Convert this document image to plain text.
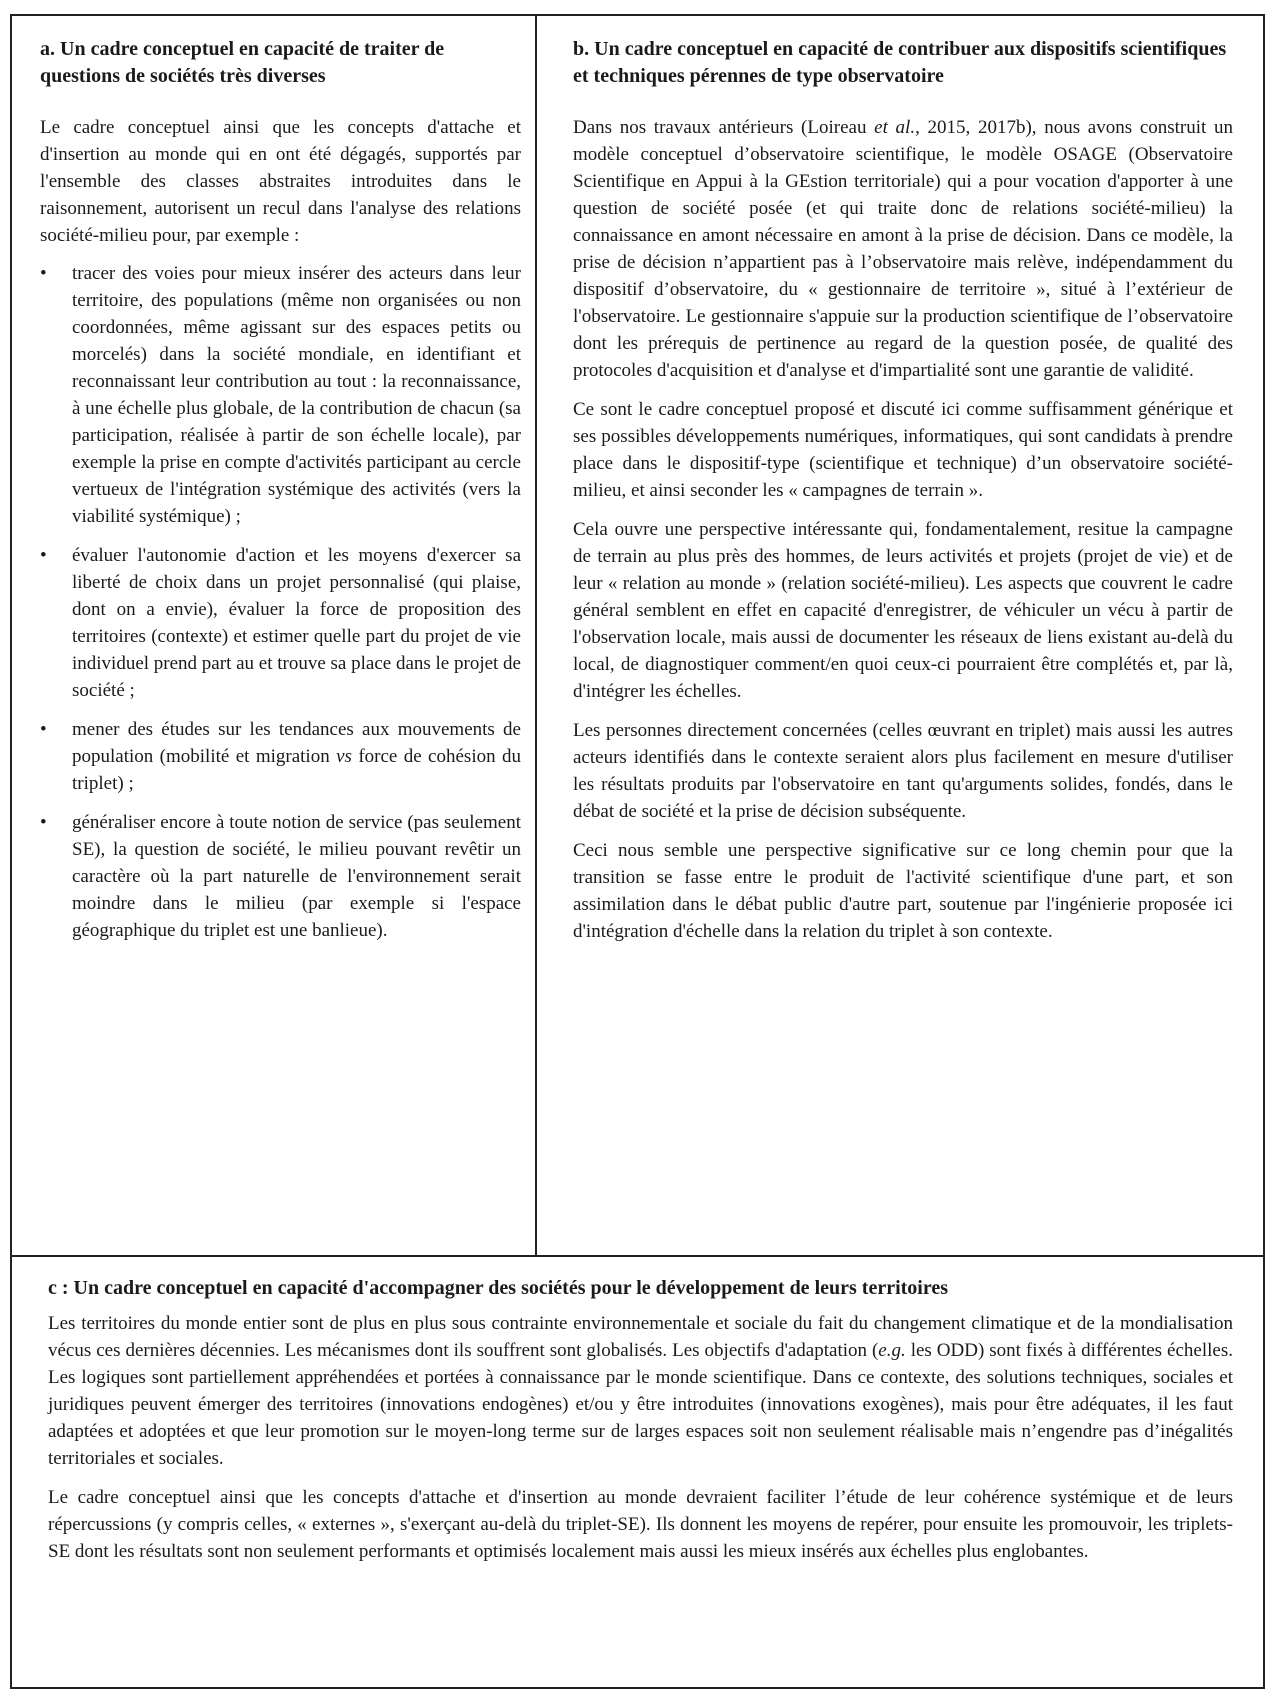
a. Un cadre conceptuel en capacité de traiter de questions de sociétés très diverses

Le cadre conceptuel ainsi que les concepts d'attache et d'insertion au monde qui en ont été dégagés, supportés par l'ensemble des classes abstraites introduites dans le raisonnement, autorisent un recul dans l'analyse des relations société-milieu pour, par exemple :

• tracer des voies pour mieux insérer des acteurs dans leur territoire, des populations (même non organisées ou non coordonnées, même agissant sur des espaces petits ou morcelés) dans la société mondiale, en identifiant et reconnaissant leur contribution au tout : la reconnaissance, à une échelle plus globale, de la contribution de chacun (sa participation, réalisée à partir de son échelle locale), par exemple la prise en compte d'activités participant au cercle vertueux de l'intégration systémique des activités (vers la viabilité systémique) ;
• évaluer l'autonomie d'action et les moyens d'exercer sa liberté de choix dans un projet personnalisé (qui plaise, dont on a envie), évaluer la force de proposition des territoires (contexte) et estimer quelle part du projet de vie individuel prend part au et trouve sa place dans le projet de société ;
• mener des études sur les tendances aux mouvements de population (mobilité et migration vs force de cohésion du triplet) ;
• généraliser encore à toute notion de service (pas seulement SE), la question de société, le milieu pouvant revêtir un caractère où la part naturelle de l'environnement serait moindre dans le milieu (par exemple si l'espace géographique du triplet est une banlieue).
b. Un cadre conceptuel en capacité de contribuer aux dispositifs scientifiques et techniques pérennes de type observatoire

Dans nos travaux antérieurs (Loireau et al., 2015, 2017b), nous avons construit un modèle conceptuel d’observatoire scientifique, le modèle OSAGE (Observatoire Scientifique en Appui à la GEstion territoriale) qui a pour vocation d'apporter à une question de société posée (et qui traite donc de relations société-milieu) la connaissance en amont nécessaire en amont à la prise de décision. Dans ce modèle, la prise de décision n’appartient pas à l’observatoire mais relève, indépendamment du dispositif d’observatoire, du « gestionnaire de territoire », situé à l’extérieur de l'observatoire. Le gestionnaire s'appuie sur la production scientifique de l’observatoire dont les prérequis de pertinence au regard de la question posée, de qualité des protocoles d'acquisition et d'analyse et d'impartialité sont une garantie de validité.

Ce sont le cadre conceptuel proposé et discuté ici comme suffisamment générique et ses possibles développements numériques, informatiques, qui sont candidats à prendre place dans le dispositif-type (scientifique et technique) d’un observatoire société-milieu, et ainsi seconder les « campagnes de terrain ».

Cela ouvre une perspective intéressante qui, fondamentalement, resitue la campagne de terrain au plus près des hommes, de leurs activités et projets (projet de vie) et de leur « relation au monde » (relation société-milieu). Les aspects que couvrent le cadre général semblent en effet en capacité d'enregistrer, de véhiculer un vécu à partir de l'observation locale, mais aussi de documenter les réseaux de liens existant au-delà du local, de diagnostiquer comment/en quoi ceux-ci pourraient être complétés et, par là, d'intégrer les échelles.

Les personnes directement concernées (celles œuvrant en triplet) mais aussi les autres acteurs identifiés dans le contexte seraient alors plus facilement en mesure d'utiliser les résultats produits par l'observatoire en tant qu'arguments solides, fondés, dans le débat de société et la prise de décision subséquente.

Ceci nous semble une perspective significative sur ce long chemin pour que la transition se fasse entre le produit de l'activité scientifique d'une part, et son assimilation dans le débat public d'autre part, soutenue par l'ingénierie proposée ici d'intégration d'échelle dans la relation du triplet à son contexte.

c : Un cadre conceptuel en capacité d'accompagner des sociétés pour le développement de leurs territoires

Les territoires du monde entier sont de plus en plus sous contrainte environnementale et sociale du fait du changement climatique et de la mondialisation vécus ces dernières décennies. Les mécanismes dont ils souffrent sont globalisés. Les objectifs d'adaptation (e.g. les ODD) sont fixés à différentes échelles. Les logiques sont partiellement appréhendées et portées à connaissance par le monde scientifique. Dans ce contexte, des solutions techniques, sociales et juridiques peuvent émerger des territoires (innovations endogènes) et/ou y être introduites (innovations exogènes), mais pour être adéquates, il les faut adaptées et adoptées et que leur promotion sur le moyen-long terme sur de larges espaces soit non seulement réalisable mais n’engendre pas d’inégalités territoriales et sociales.

Le cadre conceptuel ainsi que les concepts d'attache et d'insertion au monde devraient faciliter l’étude de leur cohérence systémique et de leurs répercussions (y compris celles, « externes », s'exerçant au-delà du triplet-SE). Ils donnent les moyens de repérer, pour ensuite les promouvoir, les triplets-SE dont les résultats sont non seulement performants et optimisés localement mais aussi les mieux insérés aux échelles plus englobantes.
